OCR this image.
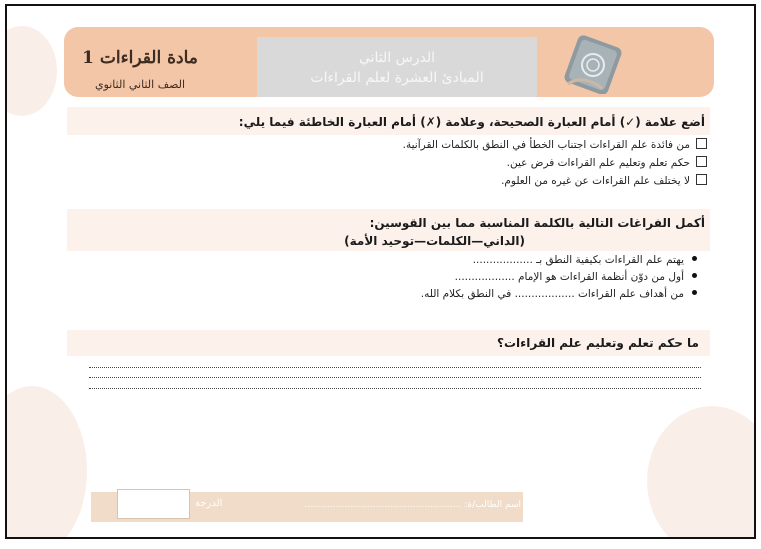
مادة القراءات 1
الصف الثاني الثانوي
الدرس الثاني
المبادئ العشرة لعلم القراءات
أضع علامة (✓) أمام العبارة الصحيحة، وعلامة (✗) أمام العبارة الخاطئة فيما يلي:
من فائدة علم القراءات اجتناب الخطأ في النطق بالكلمات القرآنية.
حكم تعلم وتعليم علم القراءات فرض عين.
لا يختلف علم القراءات عن غيره من العلوم.
أكمل الفراغات التالية بالكلمة المناسبة مما بين القوسين:
(الداني—الكلمات—توحيد الأمة)
يهتم علم القراءات بكيفية النطق بـ ..................
أول من دوّن أنظمة القراءات هو الإمام ..................
من أهداف علم القراءات .................. في النطق بكلام الله.
ما حكم تعلم وتعليم علم القراءات؟
الدرجة	اسم الطالب/ة: .......................................................
